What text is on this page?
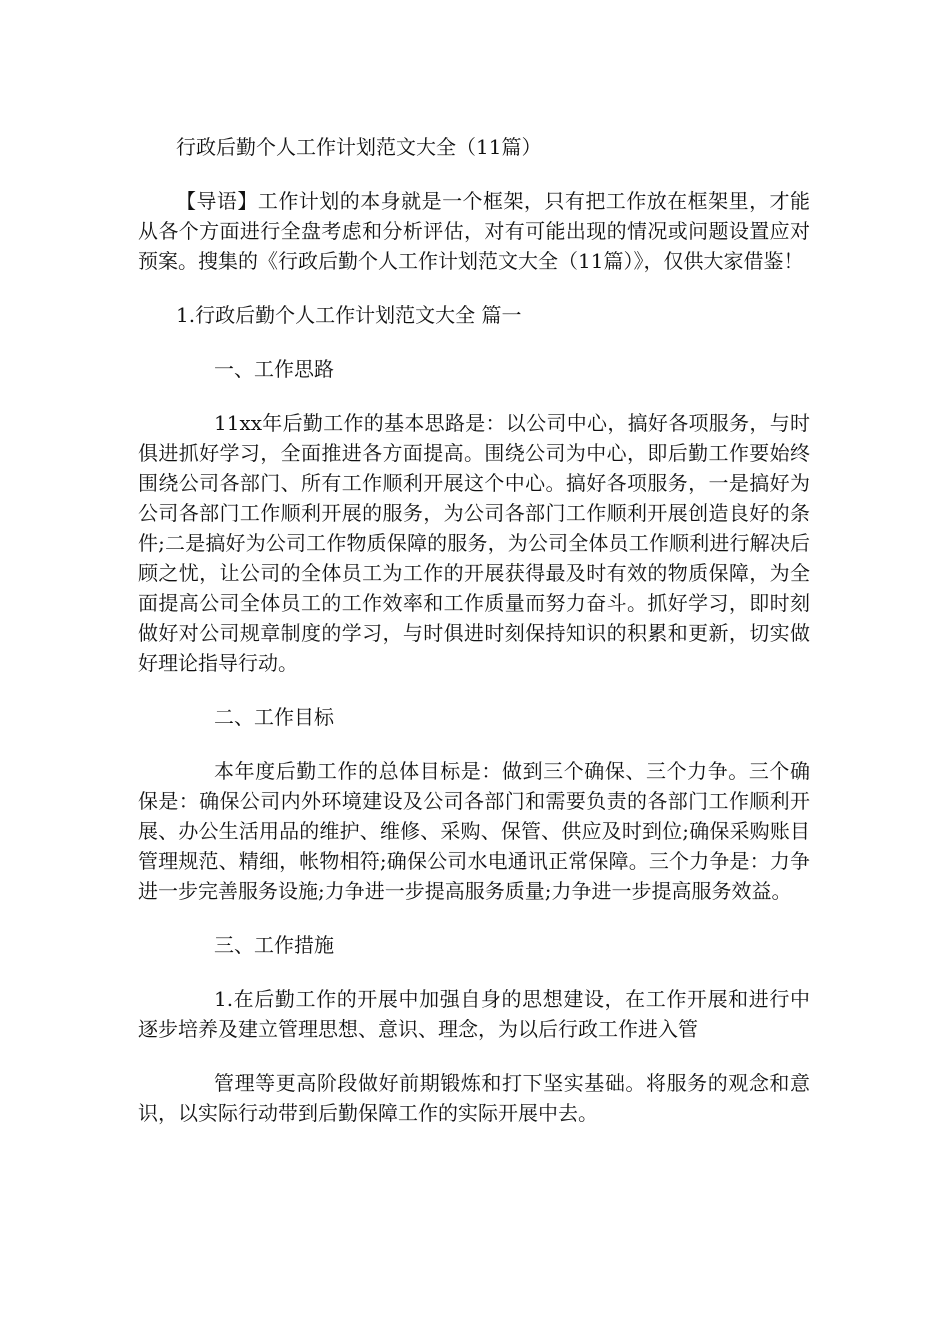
行政后勤个人工作计划范文大全（11篇）
【导语】工作计划的本身就是一个框架，只有把工作放在框架里，才能从各个方面进行全盘考虑和分析评估，对有可能出现的情况或问题设置应对预案。搜集的《行政后勤个人工作计划范文大全（11篇）》，仅供大家借鉴！
1.行政后勤个人工作计划范文大全 篇一
一、工作思路
11xx年后勤工作的基本思路是：以公司中心，搞好各项服务，与时俱进抓好学习，全面推进各方面提高。围绕公司为中心，即后勤工作要始终围绕公司各部门、所有工作顺利开展这个中心。搞好各项服务，一是搞好为公司各部门工作顺利开展的服务，为公司各部门工作顺利开展创造良好的条件;二是搞好为公司工作物质保障的服务，为公司全体员工作顺利进行解决后顾之忧，让公司的全体员工为工作的开展获得最及时有效的物质保障，为全面提高公司全体员工的工作效率和工作质量而努力奋斗。抓好学习，即时刻做好对公司规章制度的学习，与时俱进时刻保持知识的积累和更新，切实做好理论指导行动。
二、工作目标
本年度后勤工作的总体目标是：做到三个确保、三个力争。三个确保是：确保公司内外环境建设及公司各部门和需要负责的各部门工作顺利开展、办公生活用品的维护、维修、采购、保管、供应及时到位;确保采购账目管理规范、精细，帐物相符;确保公司水电通讯正常保障。三个力争是：力争进一步完善服务设施;力争进一步提高服务质量;力争进一步提高服务效益。
三、工作措施
1.在后勤工作的开展中加强自身的思想建设，在工作开展和进行中逐步培养及建立管理思想、意识、理念，为以后行政工作进入管
管理等更高阶段做好前期锻炼和打下坚实基础。将服务的观念和意识，以实际行动带到后勤保障工作的实际开展中去。
